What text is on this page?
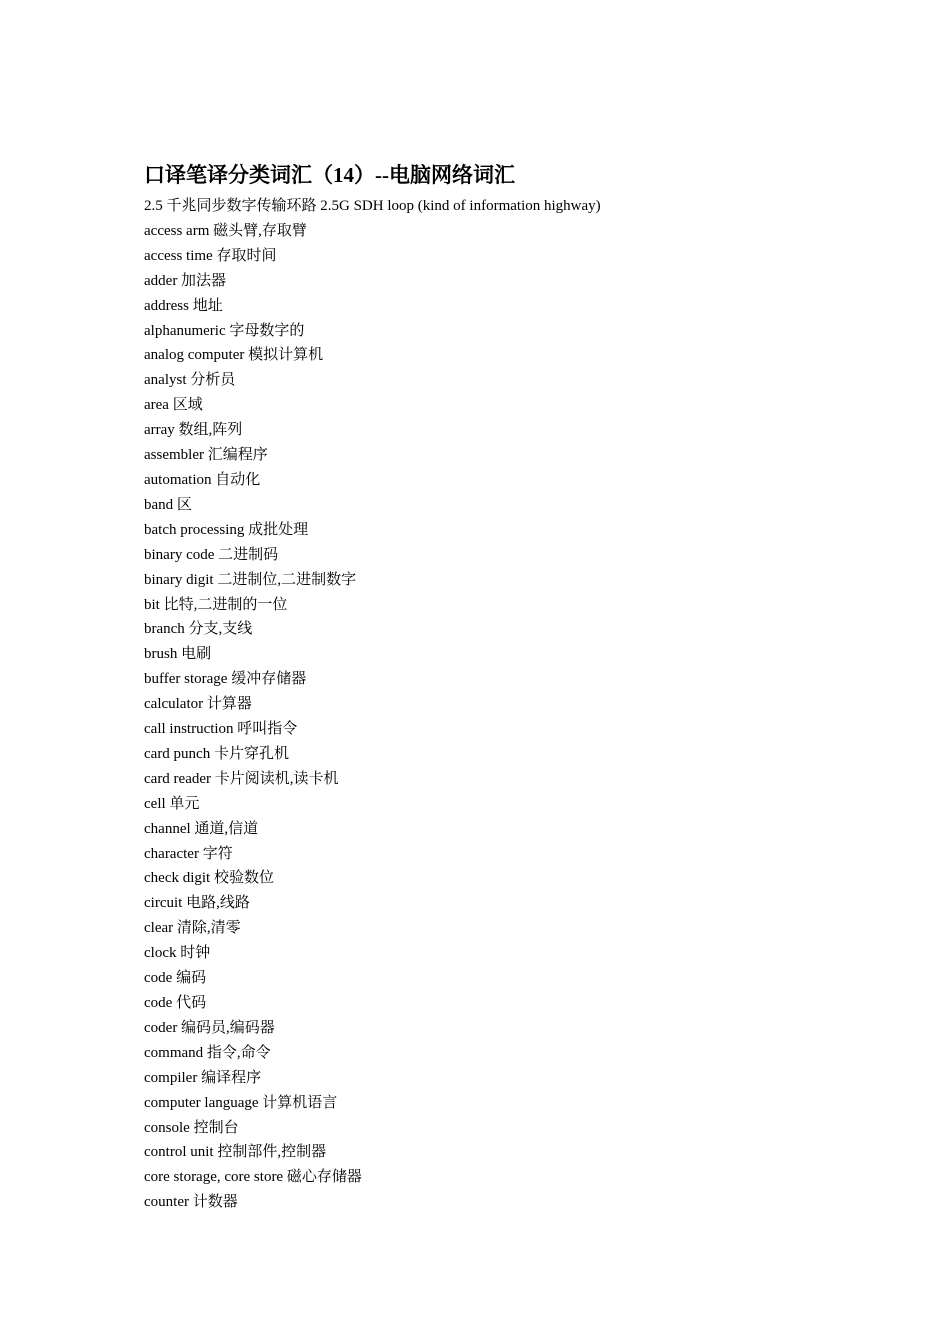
口译笔译分类词汇（14）--电脑网络词汇
2.5 千兆同步数字传输环路 2.5G SDH loop (kind of information highway)
access arm 磁头臂,存取臂
access time 存取时间
adder 加法器
address 地址
alphanumeric 字母数字的
analog computer 模拟计算机
analyst 分析员
area 区域
array 数组,阵列
assembler 汇编程序
automation 自动化
band 区
batch processing 成批处理
binary code 二进制码
binary digit 二进制位,二进制数字
bit 比特,二进制的一位
branch 分支,支线
brush 电刷
buffer storage 缓冲存储器
calculator 计算器
call instruction 呼叫指令
card punch 卡片穿孔机
card reader 卡片阅读机,读卡机
cell 单元
channel 通道,信道
character 字符
check digit 校验数位
circuit 电路,线路
clear 清除,清零
clock 时钟
code 编码
code 代码
coder 编码员,编码器
command 指令,命令
compiler 编译程序
computer language 计算机语言
console 控制台
control unit 控制部件,控制器
core storage, core store 磁心存储器
counter 计数器
